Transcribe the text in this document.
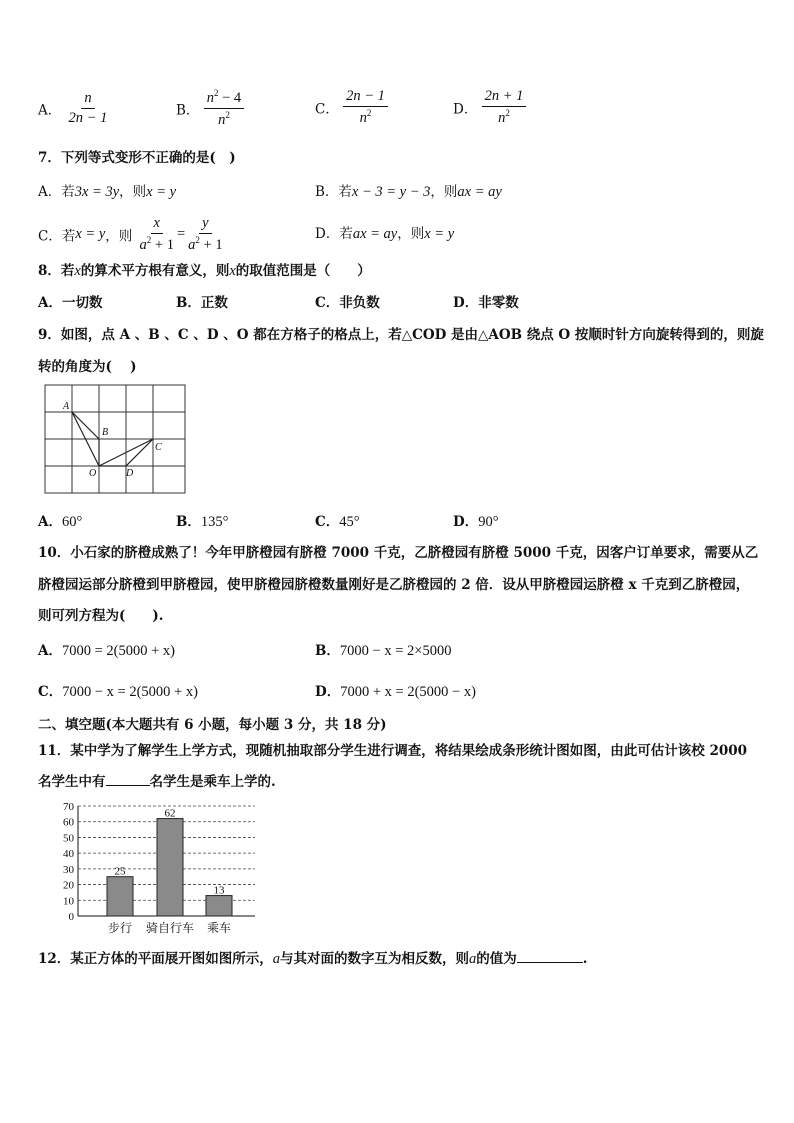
A． $\frac{n}{2n - 1}$	B． $\frac{n^2 - 4}{n^2}$	C． $\frac{2n - 1}{n^2}$	D． $\frac{2n + 1}{n^2}$
7．下列等式变形不正确的是(　)
A．若3x = 3y，则x = y	B．若x − 3 = y − 3，则ax = ay
C．若x = y，则 $\frac{x}{a^2 + 1} = \frac{y}{a^2 + 1}$	D．若ax = ay，则x = y
8．若x的算术平方根有意义，则x的取值范围是（　　）
A．一切数	B．正数	C．非负数	D．非零数
9．如图，点 A 、B 、C 、D 、O 都在方格子的格点上，若△COD 是由△AOB 绕点 O 按顺时针方向旋转得到的，则旋
转的角度为(　 )
A
B
C
O	D
A．60°	B．135°	C．45°	D．90°
10．小石家的脐橙成熟了！今年甲脐橙园有脐橙 7000 千克，乙脐橙园有脐橙 5000 千克，因客户订单要求，需要从乙
脐橙园运部分脐橙到甲脐橙园，使甲脐橙园脐橙数量刚好是乙脐橙园的 2 倍．设从甲脐橙园运脐橙 x 千克到乙脐橙园，
则可列方程为(　　).
A．7000 = 2(5000 + x)	B．7000 − x = 2×5000
C．7000 − x = 2(5000 + x)	D．7000 + x = 2(5000 − x)
二、填空题(本大题共有 6 小题，每小题 3 分，共 18 分)
11．某中学为了解学生上学方式，现随机抽取部分学生进行调查，将结果绘成条形统计图如图，由此可估计该校 2000
名学生中有	名学生是乘车上学的.
0
10
20
30
40
50
60
70
25
步行
62
骑自行车
13
乘车
12．某正方体的平面展开图如图所示，a与其对面的数字互为相反数，则a的值为	.
